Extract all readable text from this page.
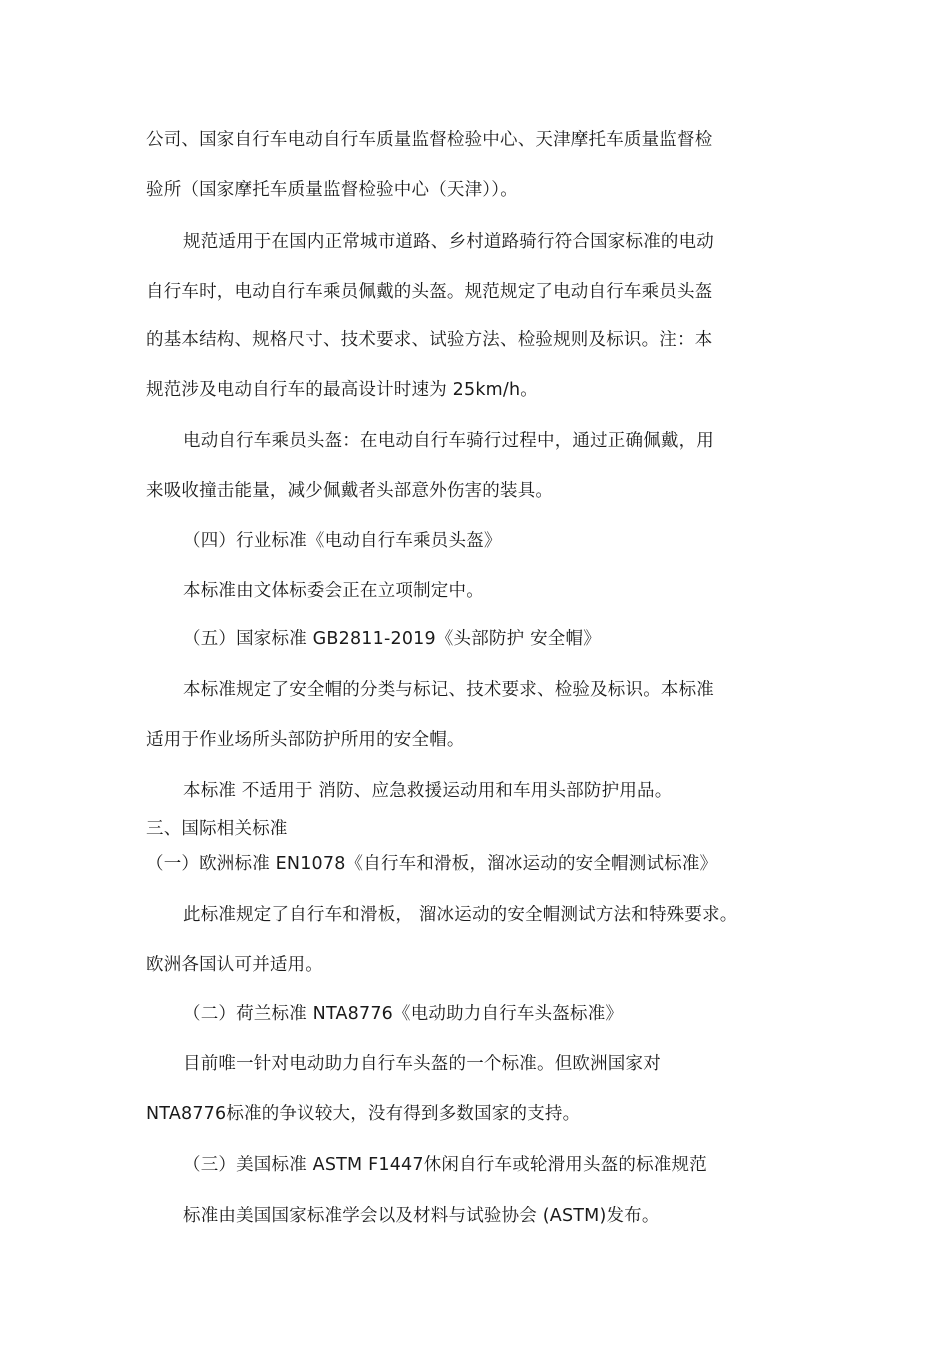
公司、国家自行车电动自行车质量监督检验中心、天津摩托车质量监督检
验所（国家摩托车质量监督检验中心（天津））。
规范适用于在国内正常城市道路、乡村道路骑行符合国家标准的电动
自行车时，电动自行车乘员佩戴的头盔。规范规定了电动自行车乘员头盔
的基本结构、规格尺寸、技术要求、试验方法、检验规则及标识。注：本
规范涉及电动自行车的最高设计时速为 25km/h。
电动自行车乘员头盔：在电动自行车骑行过程中，通过正确佩戴，用
来吸收撞击能量，减少佩戴者头部意外伤害的装具。
（四）行业标准《电动自行车乘员头盔》
本标准由文体标委会正在立项制定中。
（五）国家标准 GB2811-2019《头部防护 安全帽》
本标准规定了安全帽的分类与标记、技术要求、检验及标识。本标准
适用于作业场所头部防护所用的安全帽。
本标准 不适用于 消防、应急救援运动用和车用头部防护用品。
三、国际相关标准
（一）欧洲标准 EN1078《自行车和滑板，溜冰运动的安全帽测试标准》
此标准规定了自行车和滑板， 溜冰运动的安全帽测试方法和特殊要求。
欧洲各国认可并适用。
（二）荷兰标准 NTA8776《电动助力自行车头盔标准》
目前唯一针对电动助力自行车头盔的一个标准。但欧洲国家对
NTA8776标准的争议较大，没有得到多数国家的支持。
（三）美国标准 ASTM F1447休闲自行车或轮滑用头盔的标准规范
标准由美国国家标准学会以及材料与试验协会 (ASTM)发布。
